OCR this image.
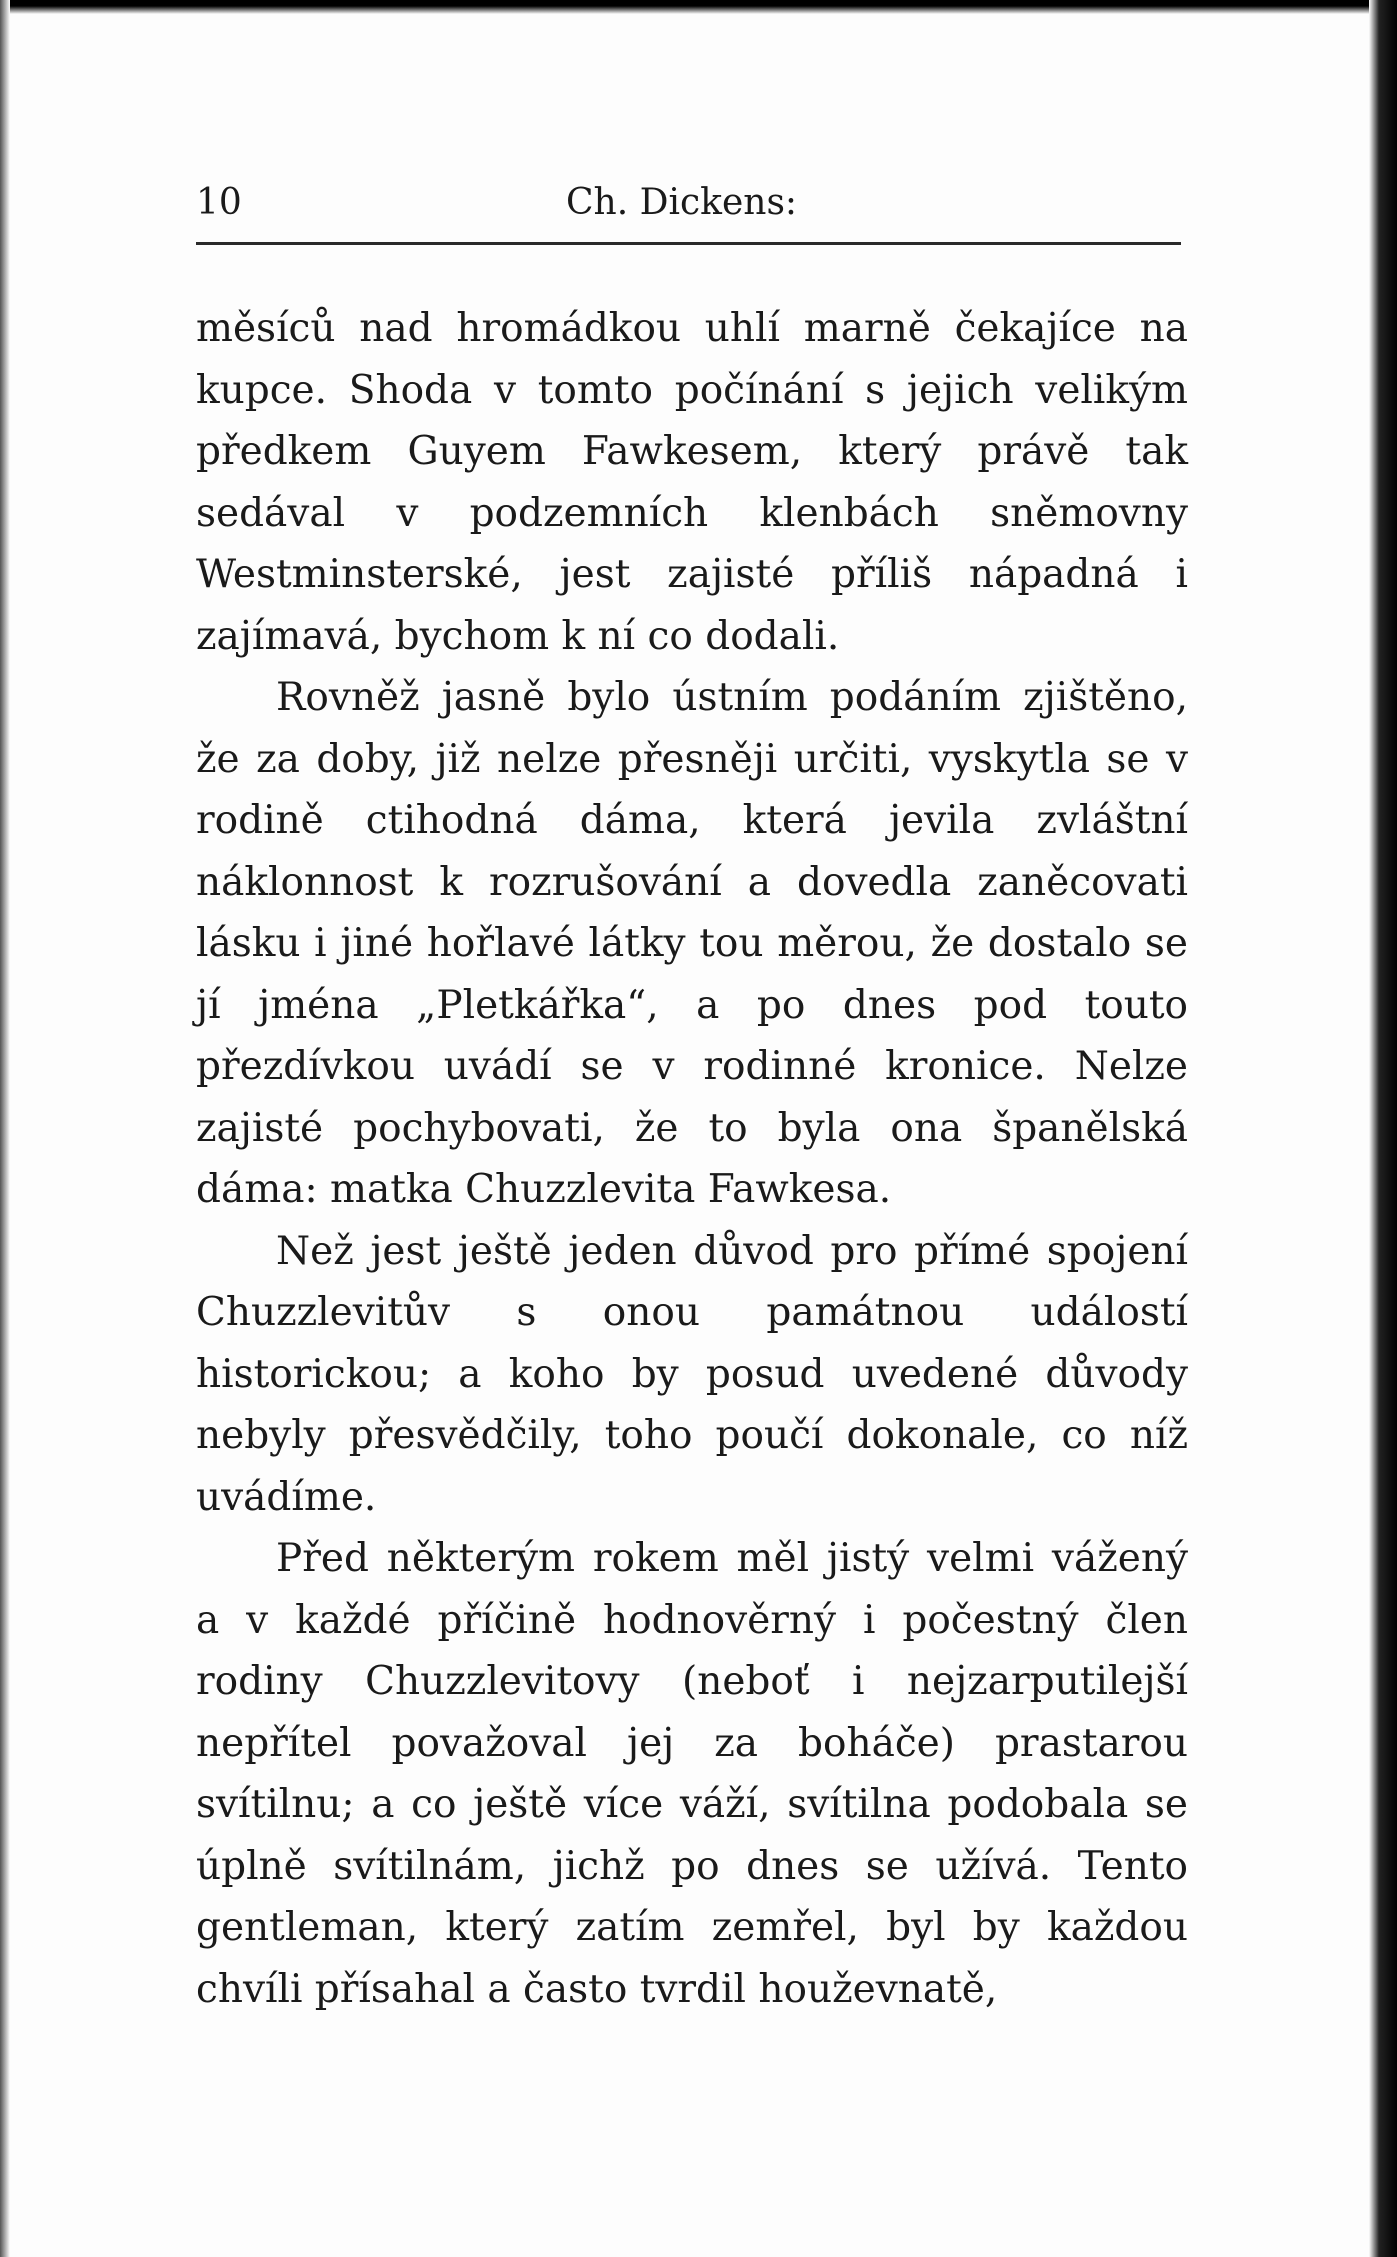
10	Ch. Dickens:

měsíců nad hromádkou uhlí marně čekajíce na kupce. Shoda v tomto počínání s jejich velikým předkem Guyem Fawkesem, který právě tak sedával v podzemních klenbách sněmovny Westminsterské, jest zajisté příliš nápadná i zajímavá, bychom k ní co dodali.

Rovněž jasně bylo ústním podáním zjištěno, že za doby, již nelze přesněji určiti, vyskytla se v rodině ctihodná dáma, která jevila zvláštní náklonnost k rozrušování a dovedla zaněcovati lásku i jiné hořlavé látky tou měrou, že dostalo se jí jména „Pletkářka“, a po dnes pod touto přezdívkou uvádí se v rodinné kronice. Nelze zajisté pochybovati, že to byla ona španělská dáma: matka Chuzzlevita Fawkesa.

Než jest ještě jeden důvod pro přímé spojení Chuzzlevitův s onou památnou událostí historickou; a koho by posud uvedené důvody nebyly přesvědčily, toho poučí dokonale, co níž uvádíme.

Před některým rokem měl jistý velmi vážený a v každé příčině hodnověrný i počestný člen rodiny Chuzzlevitovy (neboť i nejzarputilejší nepřítel považoval jej za boháče) prastarou svítilnu; a co ještě více váží, svítilna podobala se úplně svítilnám, jichž po dnes se užívá. Tento gentleman, který zatím zemřel, byl by každou chvíli přísahal a často tvrdil houževnatě,
